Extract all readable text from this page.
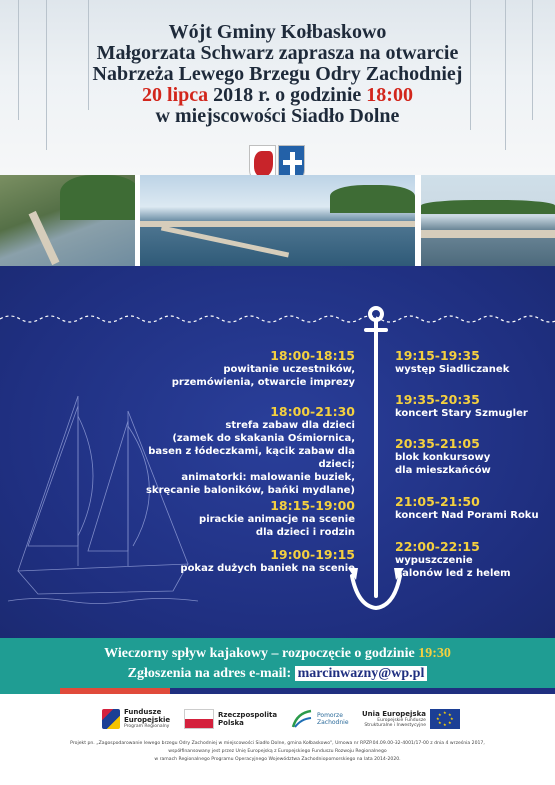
Wójt Gminy Kołbaskowo
Małgorzata Schwarz zaprasza na otwarcie
Nabrzeża Lewego Brzegu Odry Zachodniej
20 lipca 2018 r. o godzinie 18:00
w miejscowości Siadło Dolne
18:00-18:15
powitanie uczestników,
przemówienia, otwarcie imprezy
18:00-21:30
strefa zabaw dla dzieci
(zamek do skakania Ośmiornica,
basen z łódeczkami, kącik zabaw dla dzieci;
animatorki: malowanie buziek,
skręcanie baloników, bańki mydlane)
18:15-19:00
pirackie animacje na scenie
dla dzieci i rodzin
19:00-19:15
pokaz dużych baniek na scenie
19:15-19:35
występ Siadliczanek
19:35-20:35
koncert Stary Szmugler
20:35-21:05
blok konkursowy
dla mieszkańców
21:05-21:50
koncert Nad Porami Roku
22:00-22:15
wypuszczenie
balonów led z helem
Wieczorny spływ kajakowy – rozpoczęcie o godzinie 19:30
Zgłoszenia na adres e-mail: marcinwazny@wp.pl
Fundusze
Europejskie
Program Regionalny
Rzeczpospolita
Polska
Pomorze
Zachodnie
Unia Europejska
Europejskie Fundusze
Strukturalne i Inwestycyjne
★ ★
★
★
★
★
★
★
Projekt pn. „Zagospodarowanie lewego brzegu Odry Zachodniej w miejscowości Siadło Dolne, gmina Kołbaskowo", Umowa nr RPZP.04.09.00-32-4001/17-00 z dnia 4 września 2017,
współfinansowany jest przez Unię Europejską z Europejskiego Funduszu Rozwoju Regionalnego
w ramach Regionalnego Programu Operacyjnego Województwa Zachodniopomorskiego na lata 2014-2020.
